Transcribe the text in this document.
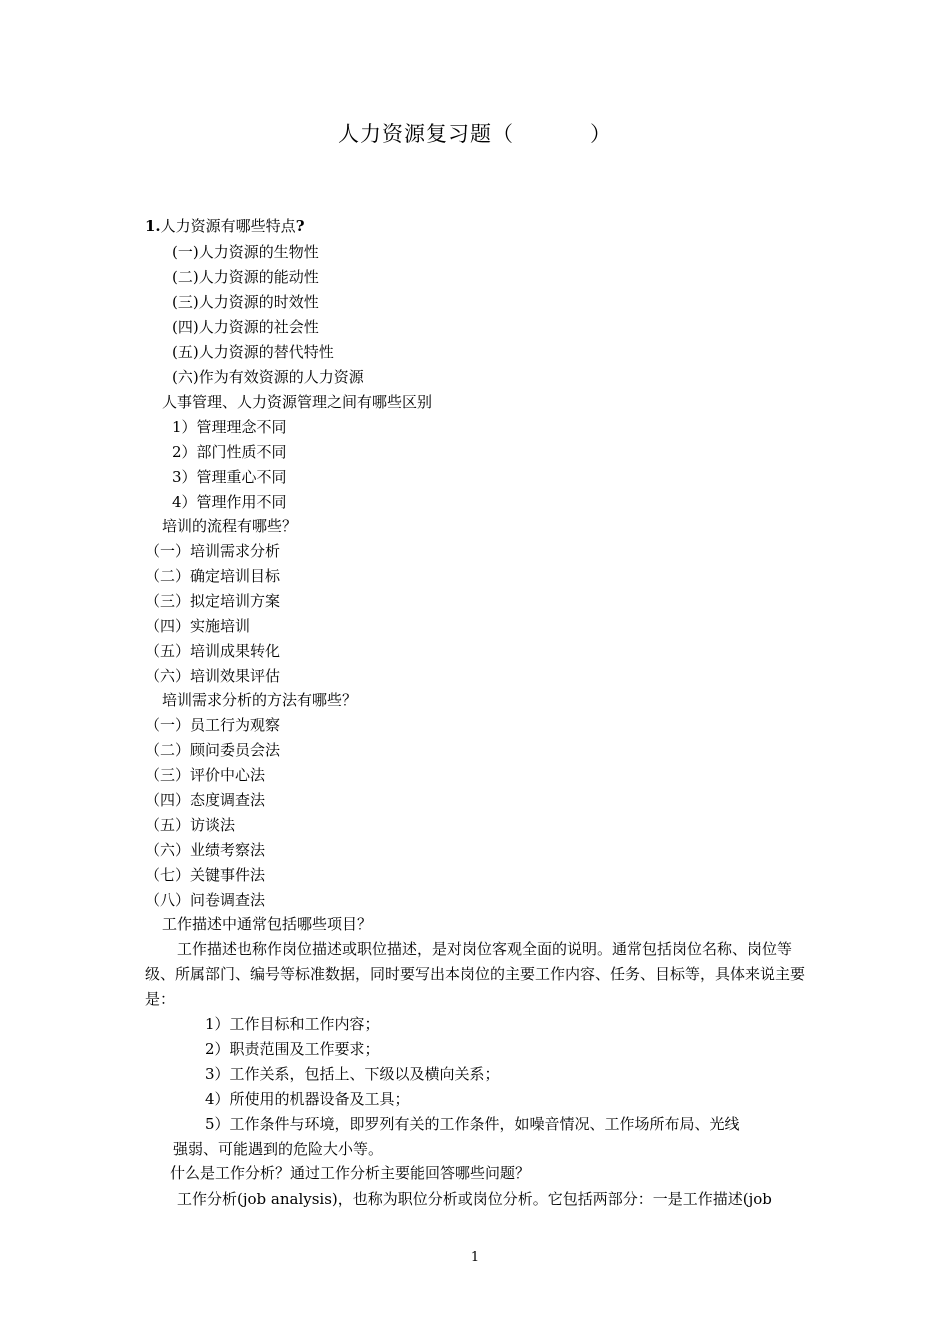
人力资源复习题（	）
1.人力资源有哪些特点?
(一)人力资源的生物性
(二)人力资源的能动性
(三)人力资源的时效性
(四)人力资源的社会性
(五)人力资源的替代特性
(六)作为有效资源的人力资源
人事管理、人力资源管理之间有哪些区别
1）管理理念不同
2）部门性质不同
3）管理重心不同
4）管理作用不同
培训的流程有哪些？
（一）培训需求分析
（二）确定培训目标
（三）拟定培训方案
（四）实施培训
（五）培训成果转化
（六）培训效果评估
培训需求分析的方法有哪些？
（一）员工行为观察
（二）顾问委员会法
（三）评价中心法
（四）态度调查法
（五）访谈法
（六）业绩考察法
（七）关键事件法
（八）问卷调查法
工作描述中通常包括哪些项目？
工作描述也称作岗位描述或职位描述，是对岗位客观全面的说明。通常包括岗位名称、岗位等级、所属部门、编号等标准数据，同时要写出本岗位的主要工作内容、任务、目标等，具体来说主要是：
1）工作目标和工作内容；
2）职责范围及工作要求；
3）工作关系，包括上、下级以及横向关系；
4）所使用的机器设备及工具；
5）工作条件与环境，即罗列有关的工作条件，如噪音情况、工作场所布局、光线
强弱、可能遇到的危险大小等。
什么是工作分析？通过工作分析主要能回答哪些问题？
工作分析(job analysis)，也称为职位分析或岗位分析。它包括两部分：一是工作描述(job
1
